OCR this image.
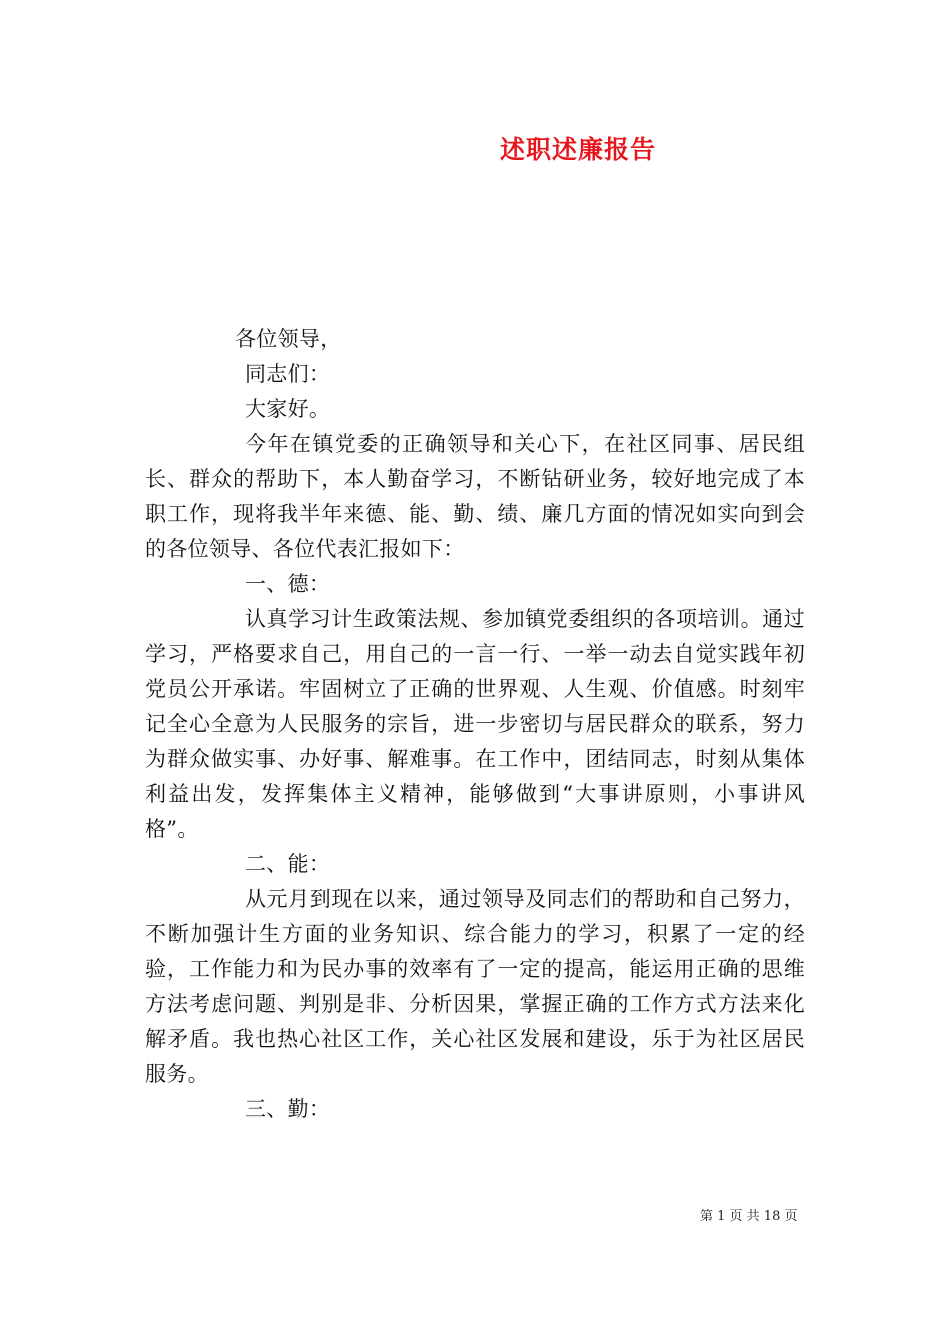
述职述廉报告

各位领导，

同志们：

大家好。

今年在镇党委的正确领导和关心下，在社区同事、居民组长、群众的帮助下，本人勤奋学习，不断钻研业务，较好地完成了本职工作，现将我半年来德、能、勤、绩、廉几方面的情况如实向到会的各位领导、各位代表汇报如下：

一、德：

认真学习计生政策法规、参加镇党委组织的各项培训。通过学习，严格要求自己，用自己的一言一行、一举一动去自觉实践年初党员公开承诺。牢固树立了正确的世界观、人生观、价值感。时刻牢记全心全意为人民服务的宗旨，进一步密切与居民群众的联系，努力为群众做实事、办好事、解难事。在工作中，团结同志，时刻从集体利益出发，发挥集体主义精神，能够做到“大事讲原则，小事讲风格”。

二、能：

从元月到现在以来，通过领导及同志们的帮助和自己努力，不断加强计生方面的业务知识、综合能力的学习，积累了一定的经验，工作能力和为民办事的效率有了一定的提高，能运用正确的思维方法考虑问题、判别是非、分析因果，掌握正确的工作方式方法来化解矛盾。我也热心社区工作，关心社区发展和建设，乐于为社区居民服务。

三、勤：

第 1 页 共 18 页
